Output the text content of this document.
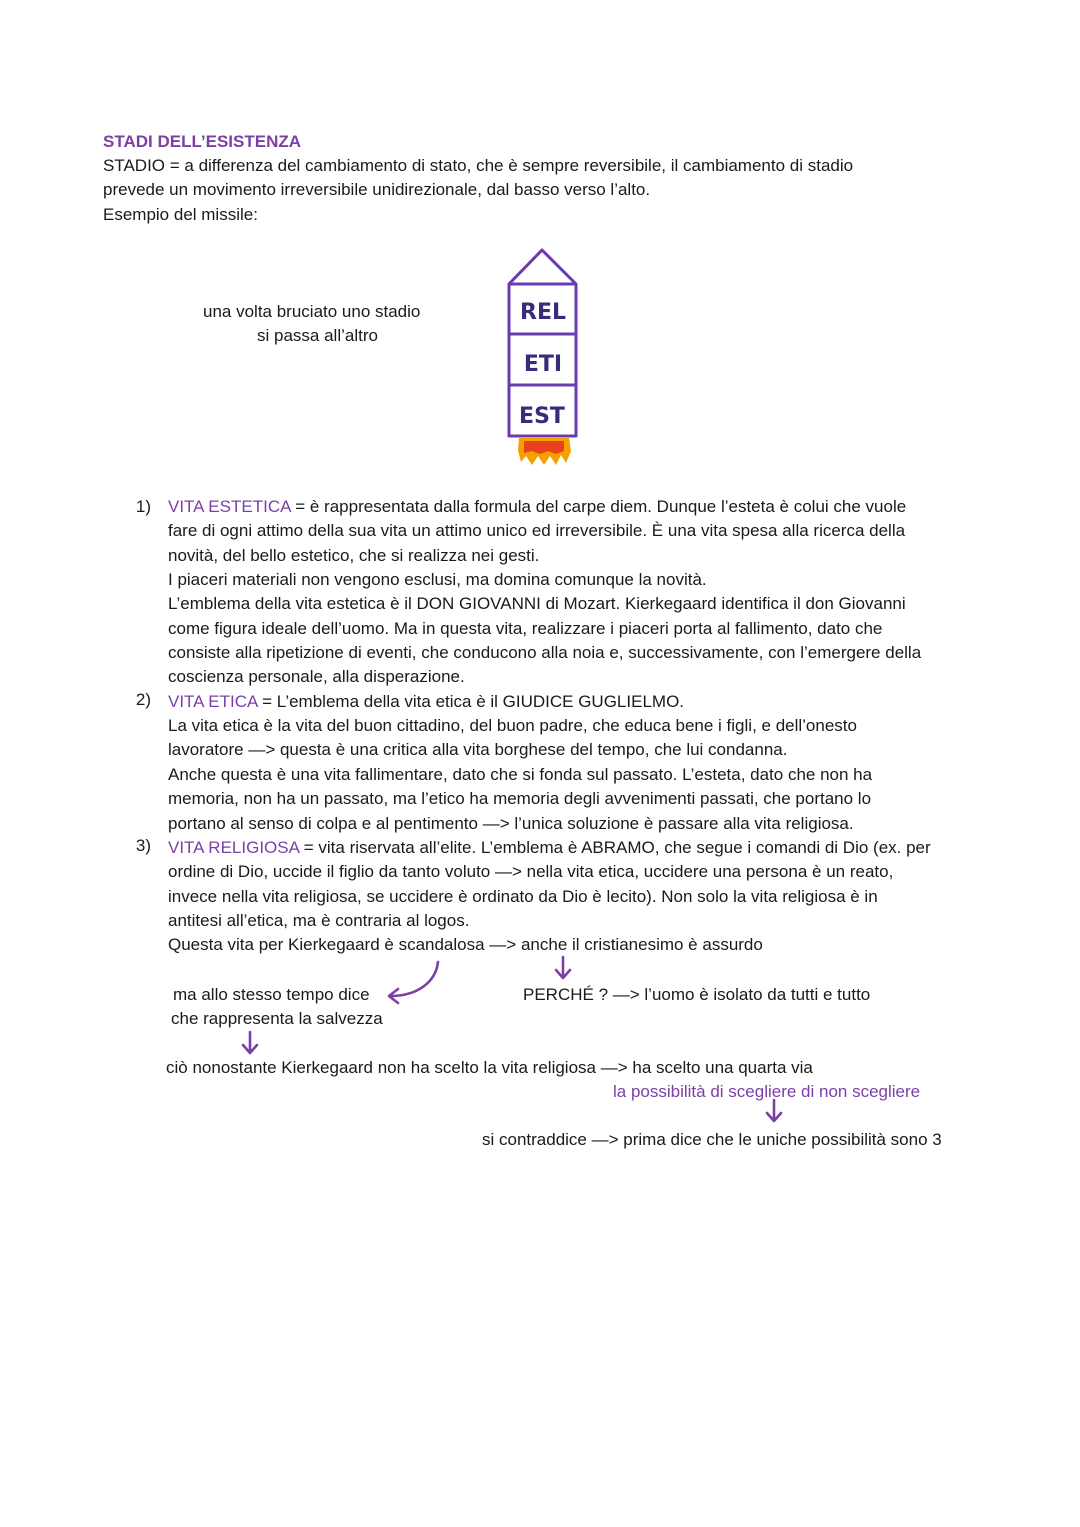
STADI DELL’ESISTENZA
STADIO = a differenza del cambiamento di stato, che è sempre reversibile, il cambiamento di stadio
prevede un movimento irreversibile unidirezionale, dal basso verso l’alto.
Esempio del missile:
una volta bruciato uno stadio
si passa all’altro
REL
ETI
EST
1) VITA ESTETICA = è rappresentata dalla formula del carpe diem. Dunque l’esteta è colui che vuole
fare di ogni attimo della sua vita un attimo unico ed irreversibile. È una vita spesa alla ricerca della
novità, del bello estetico, che si realizza nei gesti.
I piaceri materiali non vengono esclusi, ma domina comunque la novità.
L’emblema della vita estetica è il DON GIOVANNI di Mozart. Kierkegaard identifica il don Giovanni
come figura ideale dell’uomo. Ma in questa vita, realizzare i piaceri porta al fallimento, dato che
consiste alla ripetizione di eventi, che conducono alla noia e, successivamente, con l’emergere della
coscienza personale, alla disperazione.
2) VITA ETICA = L’emblema della vita etica è il GIUDICE GUGLIELMO.
La vita etica è la vita del buon cittadino, del buon padre, che educa bene i figli, e dell’onesto
lavoratore —> questa è una critica alla vita borghese del tempo, che lui condanna.
Anche questa è una vita fallimentare, dato che si fonda sul passato. L’esteta, dato che non ha
memoria, non ha un passato, ma l’etico ha memoria degli avvenimenti passati, che portano lo
portano al senso di colpa e al pentimento —> l’unica soluzione è passare alla vita religiosa.
3) VITA RELIGIOSA = vita riservata all’elite. L’emblema è ABRAMO, che segue i comandi di Dio (ex. per
ordine di Dio, uccide il figlio da tanto voluto —> nella vita etica, uccidere una persona è un reato,
invece nella vita religiosa, se uccidere è ordinato da Dio è lecito). Non solo la vita religiosa è in
antitesi all’etica, ma è contraria al logos.
Questa vita per Kierkegaard è scandalosa —> anche il cristianesimo è assurdo
ma allo stesso tempo dice
che rappresenta la salvezza
PERCHÉ ? —> l’uomo è isolato da tutti e tutto
ciò nonostante Kierkegaard non ha scelto la vita religiosa —> ha scelto una quarta via
la possibilità di scegliere di non scegliere
si contraddice —> prima dice che le uniche possibilità sono 3
